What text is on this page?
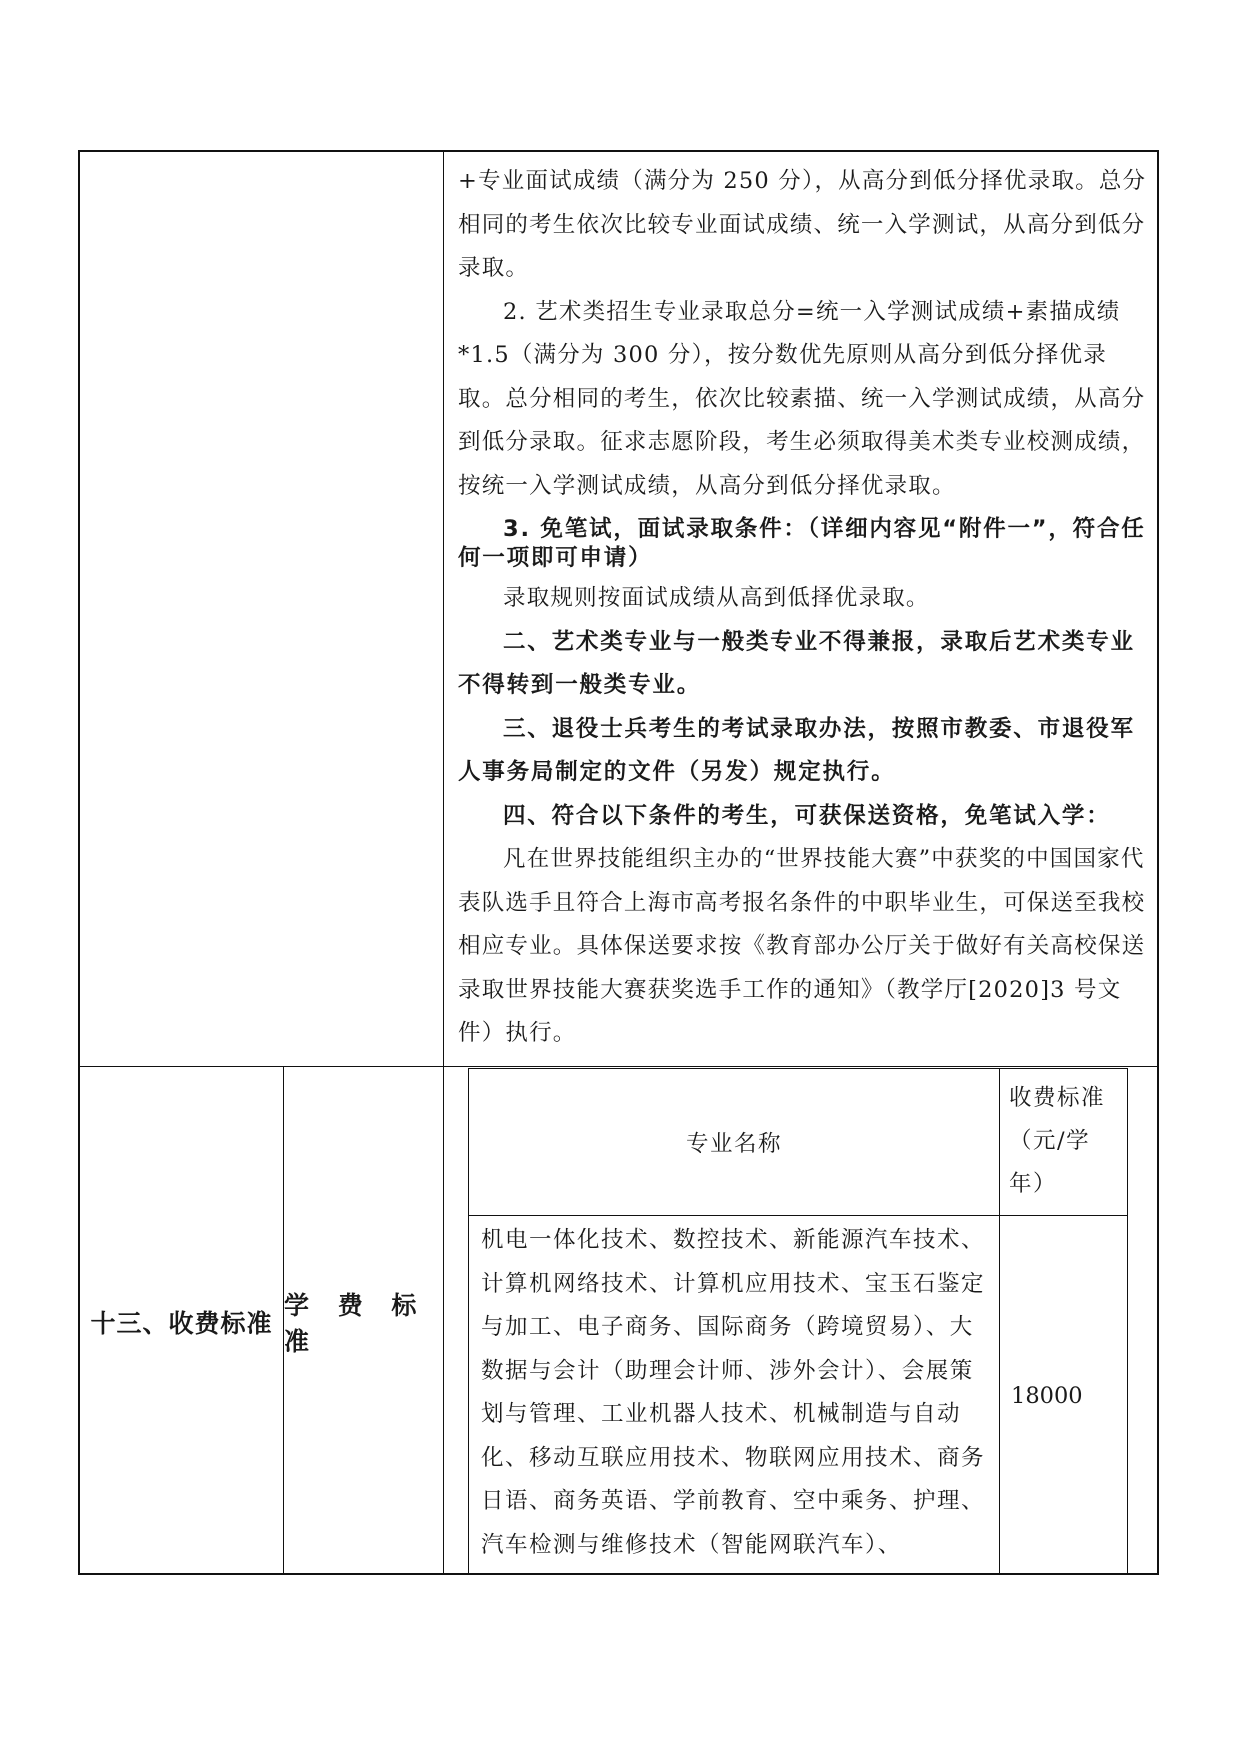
+专业面试成绩（满分为 250 分），从高分到低分择优录取。总分相同的考生依次比较专业面试成绩、统一入学测试，从高分到低分录取。

2. 艺术类招生专业录取总分=统一入学测试成绩+素描成绩*1.5（满分为 300 分），按分数优先原则从高分到低分择优录取。总分相同的考生，依次比较素描、统一入学测试成绩，从高分到低分录取。征求志愿阶段，考生必须取得美术类专业校测成绩，按统一入学测试成绩，从高分到低分择优录取。

3. 免笔试，面试录取条件：（详细内容见“附件一”，符合任何一项即可申请）

录取规则按面试成绩从高到低择优录取。

二、艺术类专业与一般类专业不得兼报，录取后艺术类专业不得转到一般类专业。

三、退役士兵考生的考试录取办法，按照市教委、市退役军人事务局制定的文件（另发）规定执行。

四、符合以下条件的考生，可获保送资格，免笔试入学：

凡在世界技能组织主办的“世界技能大赛”中获奖的中国国家代表队选手且符合上海市高考报名条件的中职毕业生，可保送至我校相应专业。具体保送要求按《教育部办公厅关于做好有关高校保送录取世界技能大赛获奖选手工作的通知》（教学厅[2020]3 号文件）执行。

十三、收费标准
学 费 标 准
专业名称
收费标准（元/学年）
机电一体化技术、数控技术、新能源汽车技术、计算机网络技术、计算机应用技术、宝玉石鉴定与加工、电子商务、国际商务（跨境贸易）、大数据与会计（助理会计师、涉外会计）、会展策划与管理、工业机器人技术、机械制造与自动化、移动互联应用技术、物联网应用技术、商务日语、商务英语、学前教育、空中乘务、护理、汽车检测与维修技术（智能网联汽车）、
18000
